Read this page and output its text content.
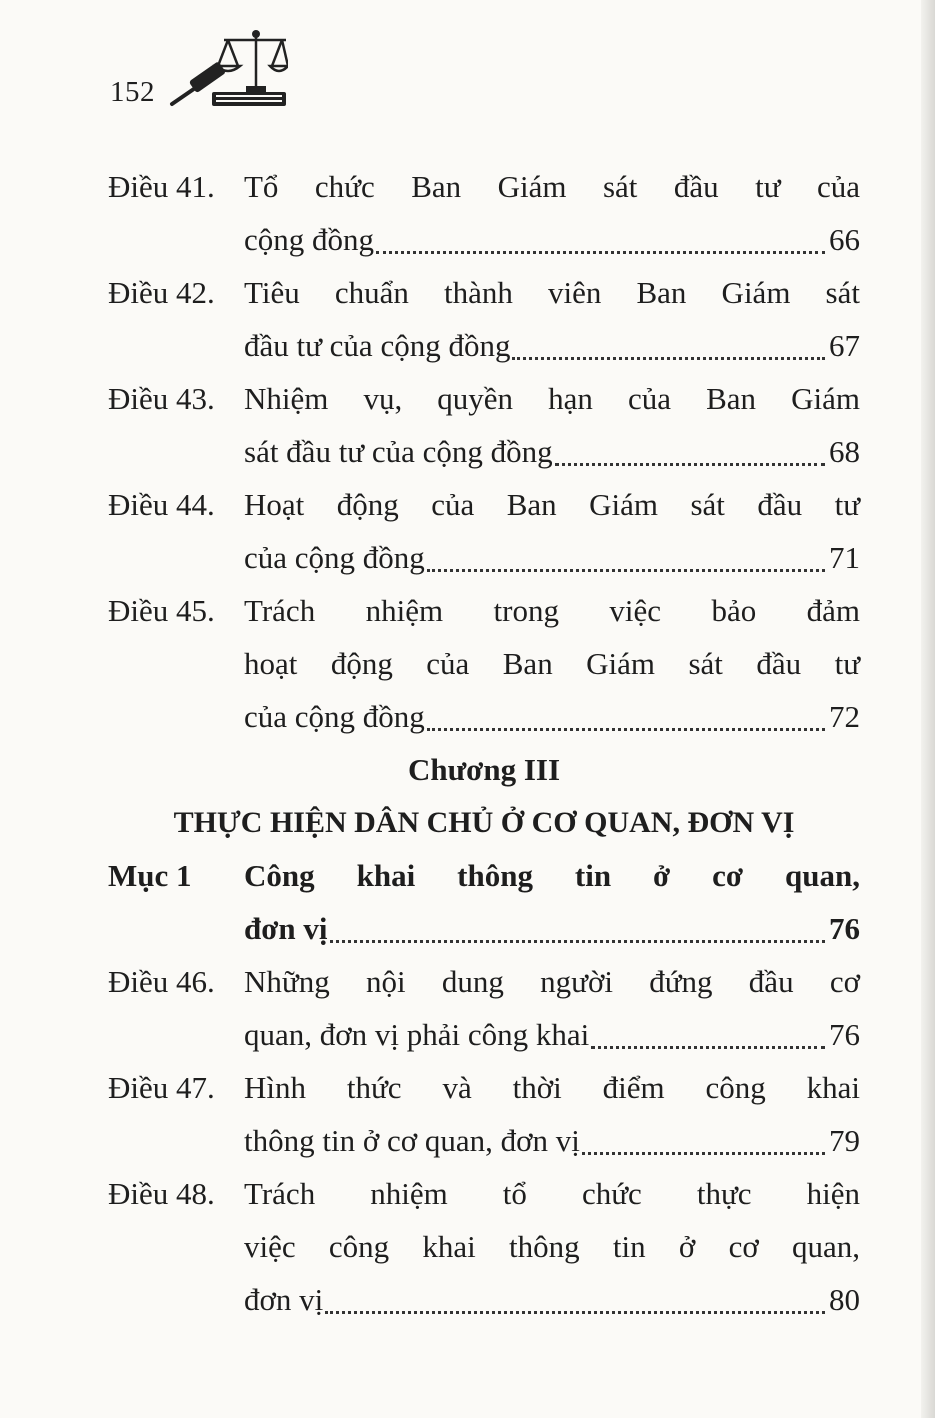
152
Điều 41. Tổ chức Ban Giám sát đầu tư của
cộng đồng	66
Điều 42. Tiêu chuẩn thành viên Ban Giám sát
đầu tư của cộng đồng	67
Điều 43. Nhiệm vụ, quyền hạn của Ban Giám
sát đầu tư của cộng đồng	68
Điều 44. Hoạt động của Ban Giám sát đầu tư
của cộng đồng	71
Điều 45. Trách nhiệm trong việc bảo đảm
hoạt động của Ban Giám sát đầu tư
của cộng đồng	72
Chương III
THỰC HIỆN DÂN CHỦ Ở CƠ QUAN, ĐƠN VỊ
Mục 1	Công khai thông tin ở cơ quan,
đơn vị	76
Điều 46. Những nội dung người đứng đầu cơ
quan, đơn vị phải công khai	76
Điều 47. Hình thức và thời điểm công khai
thông tin ở cơ quan, đơn vị	79
Điều 48. Trách nhiệm tổ chức thực hiện
việc công khai thông tin ở cơ quan,
đơn vị	80
